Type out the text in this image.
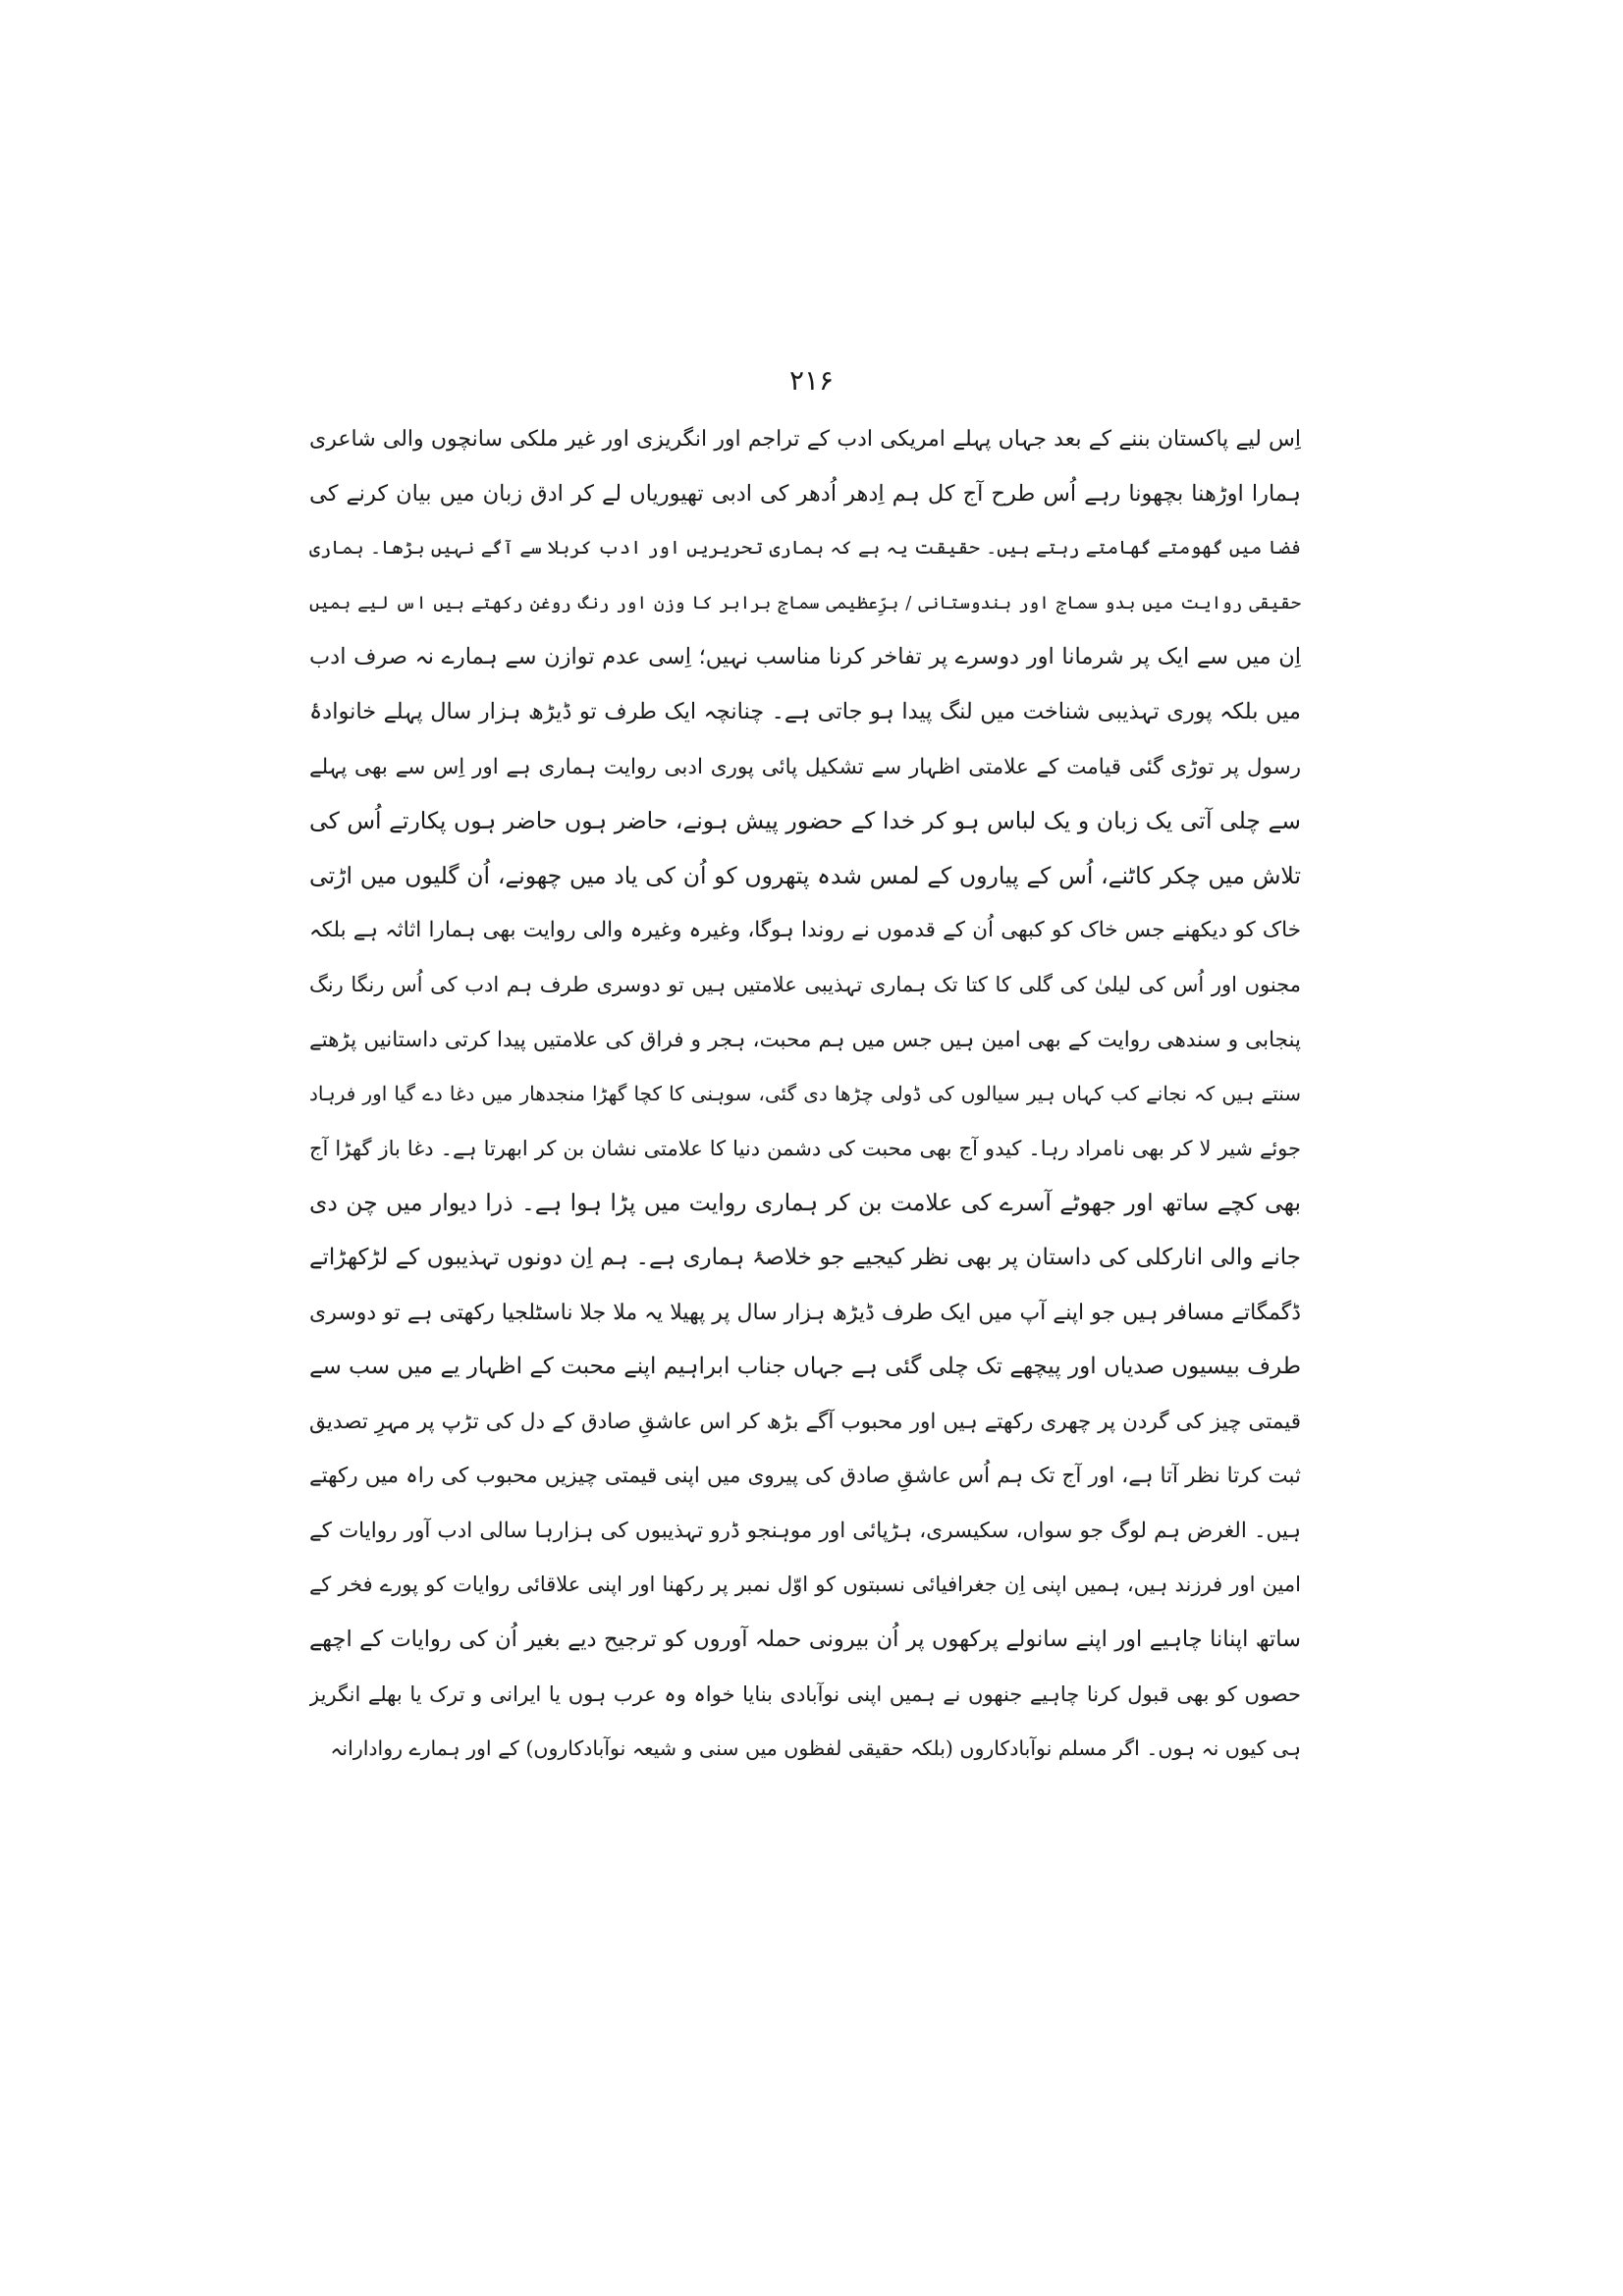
۲۱۶
اِس لیے پاکستان بننے کے بعد جہاں پہلے امریکی ادب کے تراجم اور انگریزی اور غیر ملکی سانچوں والی شاعری
ہمارا اوڑھنا بچھونا رہے اُس طرح آج کل ہم اِدھر اُدھر کی ادبی تھیوریاں لے کر ادق زبان میں بیان کرنے کی
فضا میں گھومتے گھامتے رہتے ہیں۔ حقیقت یہ ہے کہ ہماری تحریریں اور ادب کربلا سے آگے نہیں بڑھا۔ ہماری
حقیقی روایت میں بدو سماج اور ہندوستانی / برِّعظیمی سماج برابر کا وزن اور رنگ روغن رکھتے ہیں اس لیے ہمیں
اِن میں سے ایک پر شرمانا اور دوسرے پر تفاخر کرنا مناسب نہیں؛ اِسی عدم توازن سے ہمارے نہ صرف ادب
میں بلکہ پوری تہذیبی شناخت میں لنگ پیدا ہو جاتی ہے۔ چنانچہ ایک طرف تو ڈیڑھ ہزار سال پہلے خانوادۂ
رسول پر توڑی گئی قیامت کے علامتی اظہار سے تشکیل پائی پوری ادبی روایت ہماری ہے اور اِس سے بھی پہلے
سے چلی آتی یک زبان و یک لباس ہو کر خدا کے حضور پیش ہونے، حاضر ہوں حاضر ہوں پکارتے اُس کی
تلاش میں چکر کاٹنے، اُس کے پیاروں کے لمس شدہ پتھروں کو اُن کی یاد میں چھونے، اُن گلیوں میں اڑتی
خاک کو دیکھنے جس خاک کو کبھی اُن کے قدموں نے روندا ہوگا، وغیرہ وغیرہ والی روایت بھی ہمارا اثاثہ ہے بلکہ
مجنوں اور اُس کی لیلیٰ کی گلی کا کتا تک ہماری تہذیبی علامتیں ہیں تو دوسری طرف ہم ادب کی اُس رنگا رنگ
پنجابی و سندھی روایت کے بھی امین ہیں جس میں ہم محبت، ہجر و فراق کی علامتیں پیدا کرتی داستانیں پڑھتے
سنتے ہیں کہ نجانے کب کہاں ہیر سیالوں کی ڈولی چڑھا دی گئی، سوہنی کا کچا گھڑا منجدھار میں دغا دے گیا اور فرہاد
جوئے شیر لا کر بھی نامراد رہا۔ کیدو آج بھی محبت کی دشمن دنیا کا علامتی نشان بن کر ابھرتا ہے۔ دغا باز گھڑا آج
بھی کچے ساتھ اور جھوٹے آسرے کی علامت بن کر ہماری روایت میں پڑا ہوا ہے۔ ذرا دیوار میں چن دی
جانے والی انارکلی کی داستان پر بھی نظر کیجیے جو خلاصۂ ہماری ہے۔ ہم اِن دونوں تہذیبوں کے لڑکھڑاتے
ڈگمگاتے مسافر ہیں جو اپنے آپ میں ایک طرف ڈیڑھ ہزار سال پر پھیلا یہ ملا جلا ناسٹلجیا رکھتی ہے تو دوسری
طرف بیسیوں صدیاں اور پیچھے تک چلی گئی ہے جہاں جناب ابراہیم اپنے محبت کے اظہار یے میں سب سے
قیمتی چیز کی گردن پر چھری رکھتے ہیں اور محبوب آگے بڑھ کر اس عاشقِ صادق کے دل کی تڑپ پر مہرِ تصدیق
ثبت کرتا نظر آتا ہے، اور آج تک ہم اُس عاشقِ صادق کی پیروی میں اپنی قیمتی چیزیں محبوب کی راہ میں رکھتے
ہیں۔ الغرض ہم لوگ جو سواں، سکیسری، ہڑپائی اور موہنجو ڈرو تہذیبوں کی ہزارہا سالی ادب آور روایات کے
امین اور فرزند ہیں، ہمیں اپنی اِن جغرافیائی نسبتوں کو اوّل نمبر پر رکھنا اور اپنی علاقائی روایات کو پورے فخر کے
ساتھ اپنانا چاہیے اور اپنے سانولے پرکھوں پر اُن بیرونی حملہ آوروں کو ترجیح دیے بغیر اُن کی روایات کے اچھے
حصوں کو بھی قبول کرنا چاہیے جنھوں نے ہمیں اپنی نوآبادی بنایا خواہ وہ عرب ہوں یا ایرانی و ترک یا بھلے انگریز
ہی کیوں نہ ہوں۔ اگر مسلم نوآبادکاروں (بلکہ حقیقی لفظوں میں سنی و شیعہ نوآبادکاروں) کے اور ہمارے روادارانہ
